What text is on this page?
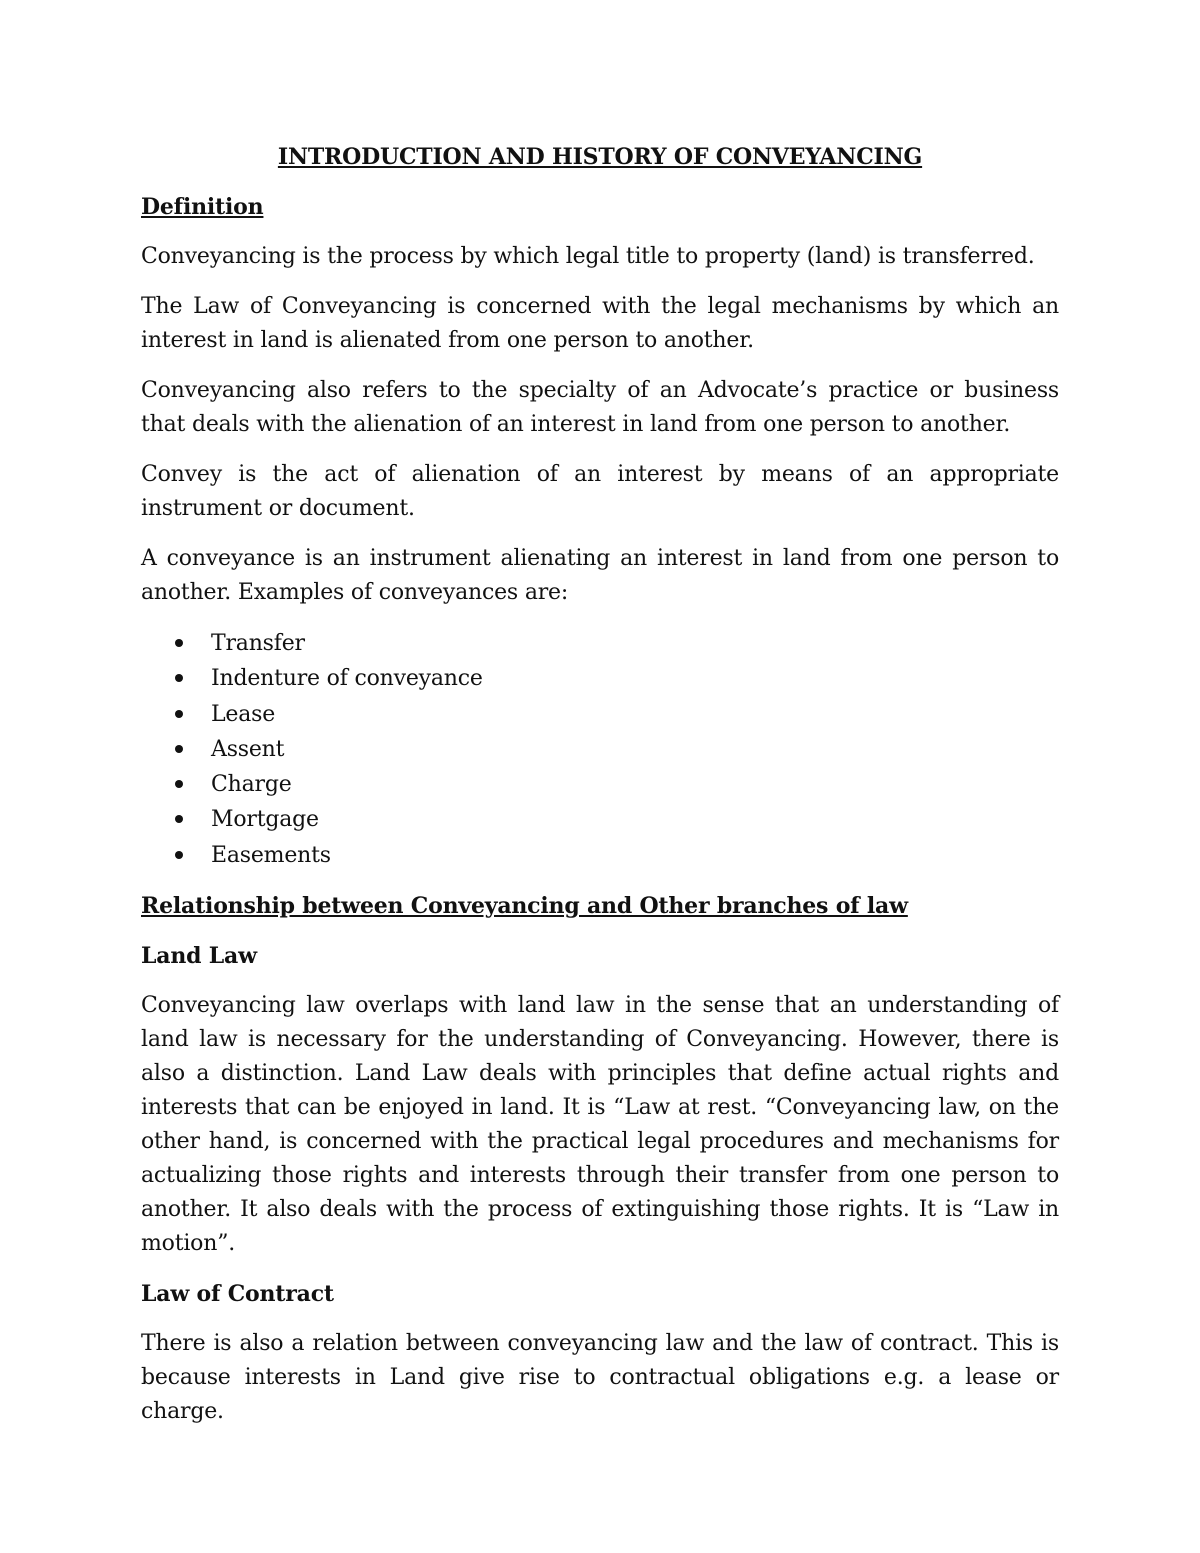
INTRODUCTION AND HISTORY OF CONVEYANCING
Definition

Conveyancing is the process by which legal title to property (land) is transferred.

The Law of Conveyancing is concerned with the legal mechanisms by which an interest in land is alienated from one person to another.

Conveyancing also refers to the specialty of an Advocate’s practice or business that deals with the alienation of an interest in land from one person to another.

Convey is the act of alienation of an interest by means of an appropriate instrument or document.

A conveyance is an instrument alienating an interest in land from one person to another. Examples of conveyances are:

Transfer
Indenture of conveyance
Lease
Assent
Charge
Mortgage
Easements
Relationship between Conveyancing and Other branches of law
Land Law

Conveyancing law overlaps with land law in the sense that an understanding of land law is necessary for the understanding of Conveyancing. However, there is also a distinction. Land Law deals with principles that define actual rights and interests that can be enjoyed in land. It is “Law at rest. “Conveyancing law, on the other hand, is concerned with the practical legal procedures and mechanisms for actualizing those rights and interests through their transfer from one person to another. It also deals with the process of extinguishing those rights. It is “Law in motion”.

Law of Contract

There is also a relation between conveyancing law and the law of contract. This is because interests in Land give rise to contractual obligations e.g. a lease or charge.
